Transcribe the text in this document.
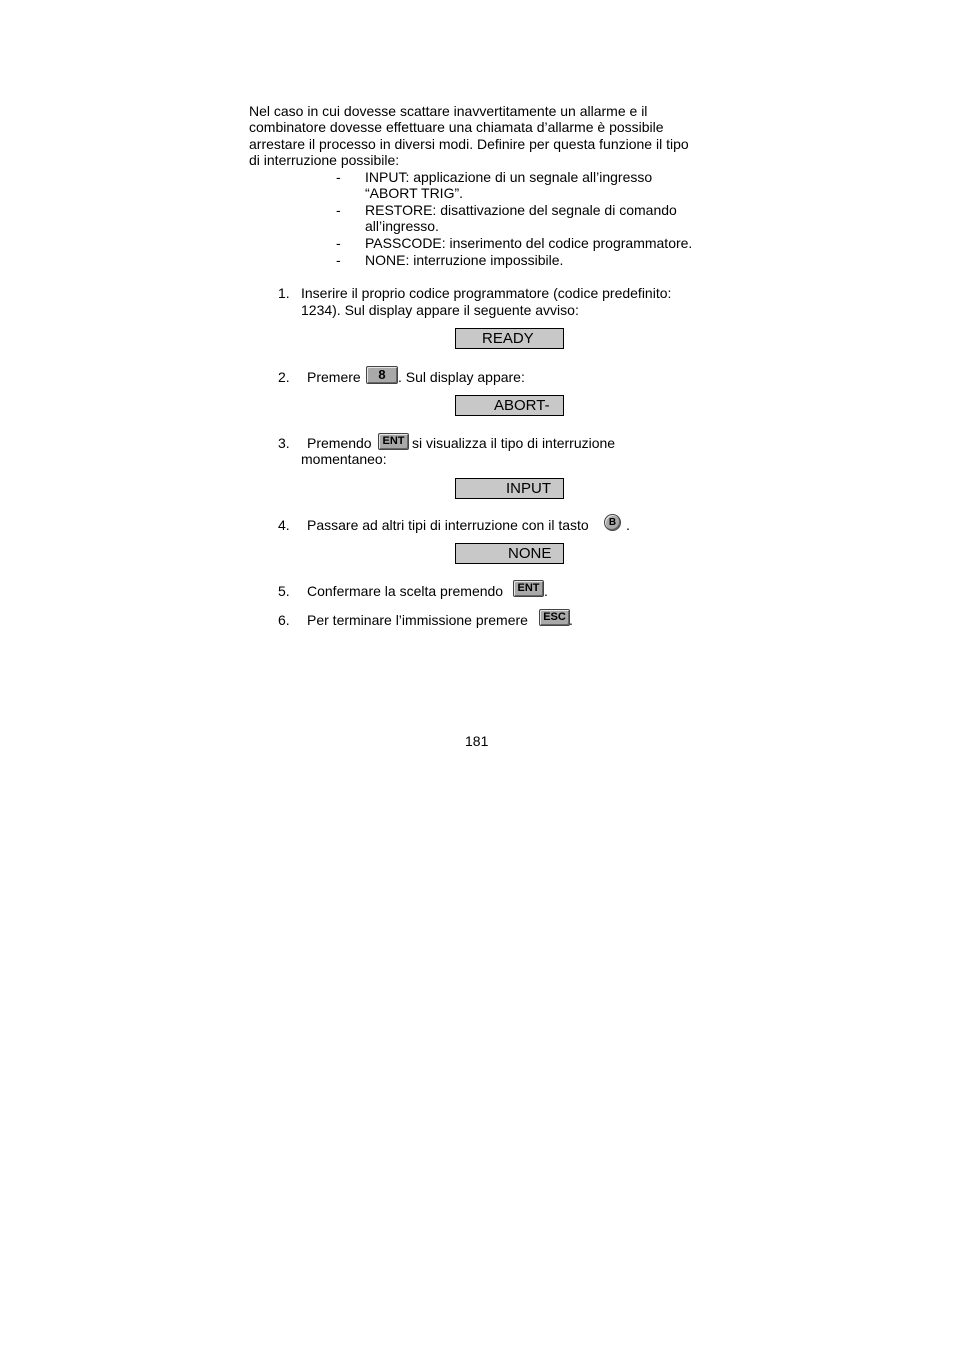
Nel caso in cui dovesse scattare inavvertitamente un allarme e il
combinatore dovesse effettuare una chiamata d’allarme è possibile
arrestare il processo in diversi modi. Definire per questa funzione il tipo
di interruzione possibile:
- INPUT: applicazione di un segnale all’ingresso
“ABORT TRIG”.
- RESTORE: disattivazione del segnale di comando
all’ingresso.
- PASSCODE: inserimento del codice programmatore.
- NONE: interruzione impossibile.
1. Inserire il proprio codice programmatore (codice predefinito:
1234). Sul display appare il seguente avviso:
READY
2. Premere	8 . Sul display appare:
ABORT-
3. Premendo ENT si visualizza il tipo di interruzione
momentaneo:
INPUT
4. Passare ad altri tipi di interruzione con il tasto	B .
NONE
5. Confermare la scelta premendo	ENT .
6. Per terminare l’immissione premere	ESC .
181
